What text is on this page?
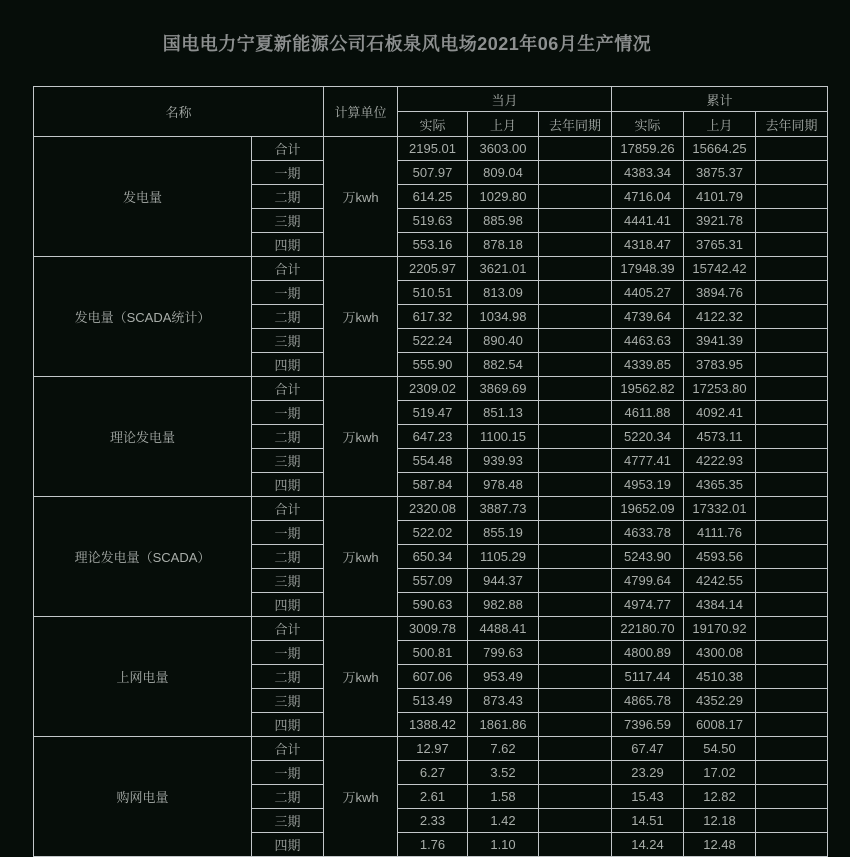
国电电力宁夏新能源公司石板泉风电场2021年06月生产情况
名称		计算单位	当月			累计		
			实际	上月	去年同期	实际	上月	去年同期
发电量	合计	万kwh	2195.01	3603.00		17859.26	15664.25	
	一期		507.97	809.04		4383.34	3875.37	
	二期		614.25	1029.80		4716.04	4101.79	
	三期		519.63	885.98		4441.41	3921.78	
	四期		553.16	878.18		4318.47	3765.31	
发电量（SCADA统计）	合计	万kwh	2205.97	3621.01		17948.39	15742.42	
	一期		510.51	813.09		4405.27	3894.76	
	二期		617.32	1034.98		4739.64	4122.32	
	三期		522.24	890.40		4463.63	3941.39	
	四期		555.90	882.54		4339.85	3783.95	
理论发电量	合计	万kwh	2309.02	3869.69		19562.82	17253.80	
	一期		519.47	851.13		4611.88	4092.41	
	二期		647.23	1100.15		5220.34	4573.11	
	三期		554.48	939.93		4777.41	4222.93	
	四期		587.84	978.48		4953.19	4365.35	
理论发电量（SCADA）	合计	万kwh	2320.08	3887.73		19652.09	17332.01	
	一期		522.02	855.19		4633.78	4111.76	
	二期		650.34	1105.29		5243.90	4593.56	
	三期		557.09	944.37		4799.64	4242.55	
	四期		590.63	982.88		4974.77	4384.14	
上网电量	合计	万kwh	3009.78	4488.41		22180.70	19170.92	
	一期		500.81	799.63		4800.89	4300.08	
	二期		607.06	953.49		5117.44	4510.38	
	三期		513.49	873.43		4865.78	4352.29	
	四期		1388.42	1861.86		7396.59	6008.17	
购网电量	合计	万kwh	12.97	7.62		67.47	54.50	
	一期		6.27	3.52		23.29	17.02	
	二期		2.61	1.58		15.43	12.82	
	三期		2.33	1.42		14.51	12.18	
	四期		1.76	1.10		14.24	12.48	
